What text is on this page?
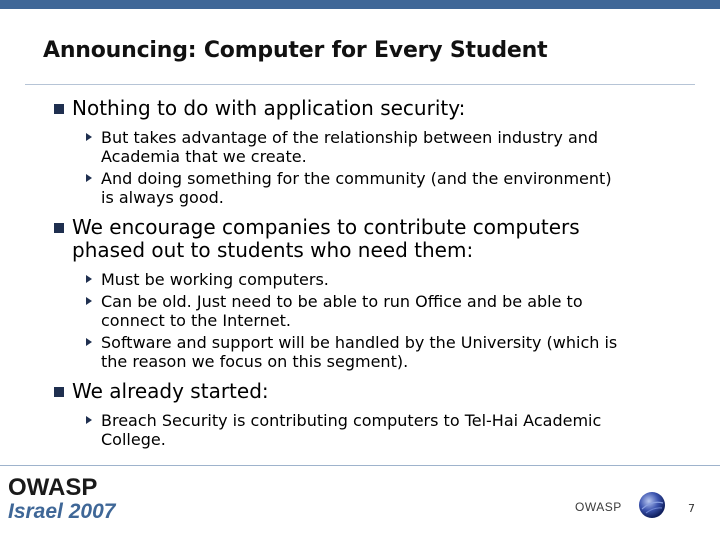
Announcing: Computer for Every Student
Nothing to do with application security:
But takes advantage of the relationship between industry and
Academia that we create.
And doing something for the community (and the environment)
is always good.
We encourage companies to contribute computers
phased out to students who need them:
Must be working computers.
Can be old. Just need to be able to run Office and be able to
connect to the Internet.
Software and support will be handled by the University (which is
the reason we focus on this segment).
We already started:
Breach Security is contributing computers to Tel-Hai Academic
College.
OWASP
Israel 2007	OWASP	7
